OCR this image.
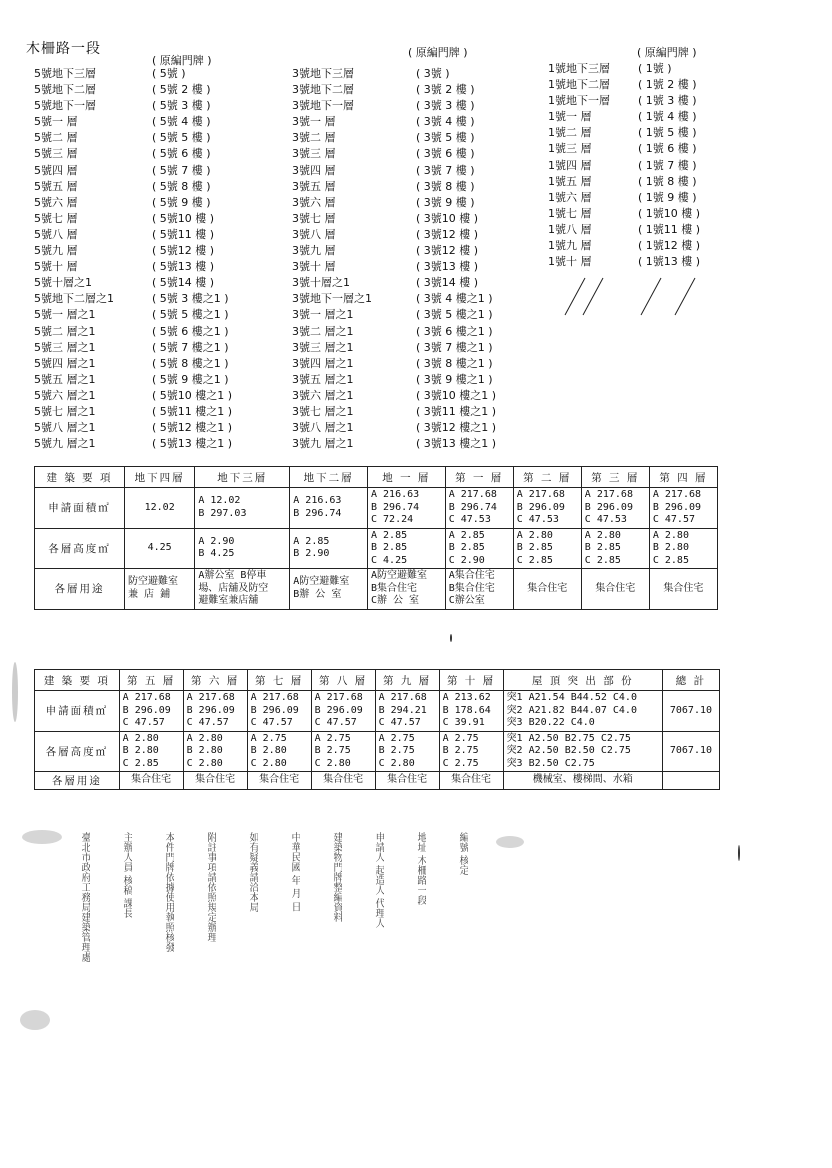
木柵路一段
( 原編門牌 )
( 原編門牌 )	( 原編門牌 )
5號地下三層	( 5號 )
5號地下二層	( 5號 2 樓 )
5號地下一層	( 5號 3 樓 )
5號一 層	( 5號 4 樓 )
5號二 層	( 5號 5 樓 )
5號三 層	( 5號 6 樓 )
5號四 層	( 5號 7 樓 )
5號五 層	( 5號 8 樓 )
5號六 層	( 5號 9 樓 )
5號七 層	( 5號10 樓 )
5號八 層	( 5號11 樓 )
5號九 層	( 5號12 樓 )
5號十 層	( 5號13 樓 )
5號十層之1	( 5號14 樓 )
5號地下二層之1	( 5號 3 樓之1 )
5號一 層之1	( 5號 5 樓之1 )
5號二 層之1	( 5號 6 樓之1 )
5號三 層之1	( 5號 7 樓之1 )
5號四 層之1	( 5號 8 樓之1 )
5號五 層之1	( 5號 9 樓之1 )
5號六 層之1	( 5號10 樓之1 )
5號七 層之1	( 5號11 樓之1 )
5號八 層之1	( 5號12 樓之1 )
5號九 層之1	( 5號13 樓之1 )
3號地下三層	( 3號 )
3號地下二層	( 3號 2 樓 )
3號地下一層	( 3號 3 樓 )
3號一 層	( 3號 4 樓 )
3號二 層	( 3號 5 樓 )
3號三 層	( 3號 6 樓 )
3號四 層	( 3號 7 樓 )
3號五 層	( 3號 8 樓 )
3號六 層	( 3號 9 樓 )
3號七 層	( 3號10 樓 )
3號八 層	( 3號12 樓 )
3號九 層	( 3號12 樓 )
3號十 層	( 3號13 樓 )
3號十層之1	( 3號14 樓 )
3號地下一層之1	( 3號 4 樓之1 )
3號一 層之1	( 3號 5 樓之1 )
3號二 層之1	( 3號 6 樓之1 )
3號三 層之1	( 3號 7 樓之1 )
3號四 層之1	( 3號 8 樓之1 )
3號五 層之1	( 3號 9 樓之1 )
3號六 層之1	( 3號10 樓之1 )
3號七 層之1	( 3號11 樓之1 )
3號八 層之1	( 3號12 樓之1 )
3號九 層之1	( 3號13 樓之1 )
1號地下三層	( 1號 )
1號地下二層	( 1號 2 樓 )
1號地下一層	( 1號 3 樓 )
1號一 層	( 1號 4 樓 )
1號二 層	( 1號 5 樓 )
1號三 層	( 1號 6 樓 )
1號四 層	( 1號 7 樓 )
1號五 層	( 1號 8 樓 )
1號六 層	( 1號 9 樓 )
1號七 層	( 1號10 樓 )
1號八 層	( 1號11 樓 )
1號九 層	( 1號12 樓 )
1號十 層	( 1號13 樓 )
建 築 要 項	地下四層	地下三層	地下二層	地 一 層	第 一 層	第 二 層	第 三 層	第 四 層
申請面積㎡	12.02	A 12.02
B 297.03	A 216.63
B 296.74	A 216.63
B 296.74
C 72.24	A 217.68
B 296.74
C 47.53	A 217.68
B 296.09
C 47.53	A 217.68
B 296.09
C 47.53	A 217.68
B 296.09
C 47.57

各層高度㎡	4.25	A 2.90
B 4.25	A 2.85
B 2.90	A 2.85
B 2.85
C 4.25	A 2.85
B 2.85
C 2.90	A 2.80
B 2.85
C 2.85	A 2.80
B 2.85
C 2.85	A 2.80
B 2.80
C 2.85

各層用途	防空避難室
兼 店 鋪	A辦公室 B停車
場、店舖及防空
避難室兼店舖	A防空避難室
B辦 公 室	A防空避難室
B集合住宅
C辦 公 室	A集合住宅
B集合住宅
C辦公室	集合住宅	集合住宅	集合住宅
建 築 要 項	第 五 層	第 六 層	第 七 層	第 八 層	第 九 層	第 十 層	屋 頂 突 出 部 份	總 計
申請面積㎡	A 217.68
B 296.09
C 47.57	A 217.68
B 296.09
C 47.57	A 217.68
B 296.09
C 47.57	A 217.68
B 296.09
C 47.57	A 217.68
B 294.21
C 47.57	A 213.62
B 178.64
C 39.91	突1 A21.54 B44.52 C4.0
突2 A21.82 B44.07 C4.0
突3 B20.22 C4.0	7067.10

各層高度㎡	A 2.80
B 2.80
C 2.85	A 2.80
B 2.80
C 2.80	A 2.75
B 2.80
C 2.80	A 2.75
B 2.75
C 2.80	A 2.75
B 2.75
C 2.80	A 2.75
B 2.75
C 2.75	突1 A2.50 B2.75 C2.75
突2 A2.50 B2.50 C2.75
突3 B2.50 C2.75	7067.10

各層用途	集合住宅	集合住宅	集合住宅	集合住宅	集合住宅	集合住宅	機械室、樓梯間、水箱	

臺北市政府工務局建築管理處	主辦人員 核稿 課長	本件門牌依據使用執照核發	附註事項請依照規定辦理	如有疑義請洽本局	中華民國 年 月 日	建築物門牌整編資料	申請人 起造人 代理人	地址 木柵路一段	編號 核定
